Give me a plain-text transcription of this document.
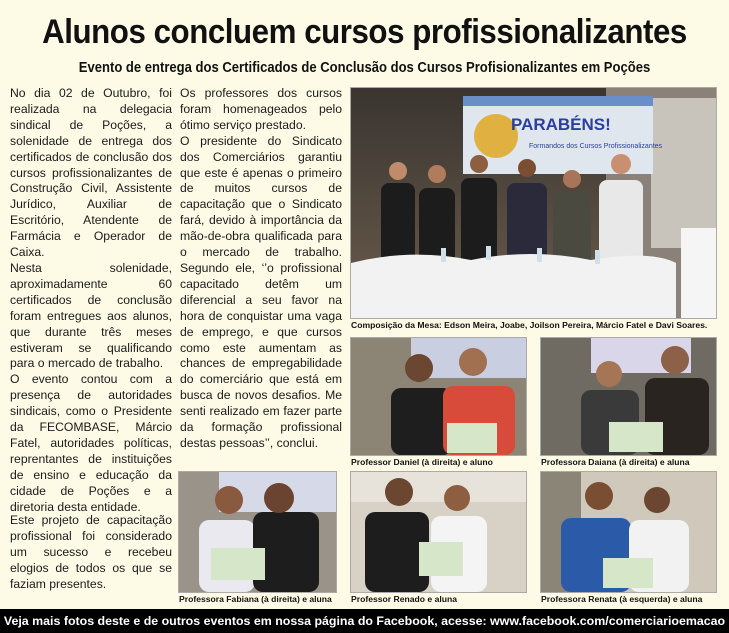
Alunos concluem cursos profissionalizantes
Evento de entrega dos Certificados de Conclusão dos Cursos Profisionalizantes em Poções

No dia 02 de Outubro, foi realizada na delegacia sindical de Poções, a solenidade de entrega dos certificados de conclusão dos cursos profissionalizantes de Construção Civil, Assistente Jurídico, Auxiliar de Escritório, Atendente de Farmácia e Operador de Caixa.

Nesta solenidade, aproximadamente 60 certificados de conclusão foram entregues aos alunos, que durante três meses estiveram se qualificando para o mercado de trabalho.

O evento contou com a presença de autoridades sindicais, como o Presidente da FECOMBASE, Márcio Fatel, autoridades políticas, reprentantes de instituições de ensino e educação da cidade de Poções e a diretoria desta entidade.

Este projeto de capacitação profissional foi considerado um sucesso e recebeu elogios de todos os que se faziam presentes.

Os professores dos cursos foram homenageados pelo ótimo serviço prestado.

O presidente do Sindicato dos Comerciários garantiu que este é apenas o primeiro de muitos cursos de capacitação que o Sindicato fará, devido à importância da mão-de-obra qualificada para o mercado de trabalho. Segundo ele, ‘’o profissional capacitado detêm um diferencial a seu favor na hora de conquistar uma vaga de emprego, e que cursos como este aumentam as chances de empregabilidade do comerciário que está em busca de novos desafios. Me senti realizado em fazer parte da formação profissional destas pessoas’’, conclui.

PARABÉNS!
Formandos dos Cursos Profissionalizantes
Composição da Mesa: Edson Meira, Joabe, Joilson Pereira, Márcio Fatel e Davi Soares.
Professor Daniel (à direita) e aluno	Professora Daiana (à direita) e aluna
Professora Fabiana (à direita) e aluna Professor Renado e aluna	Professora Renata (à esquerda) e aluna
Veja mais fotos deste e de outros eventos em nossa página do Facebook, acesse: www.facebook.com/comerciarioemacao
